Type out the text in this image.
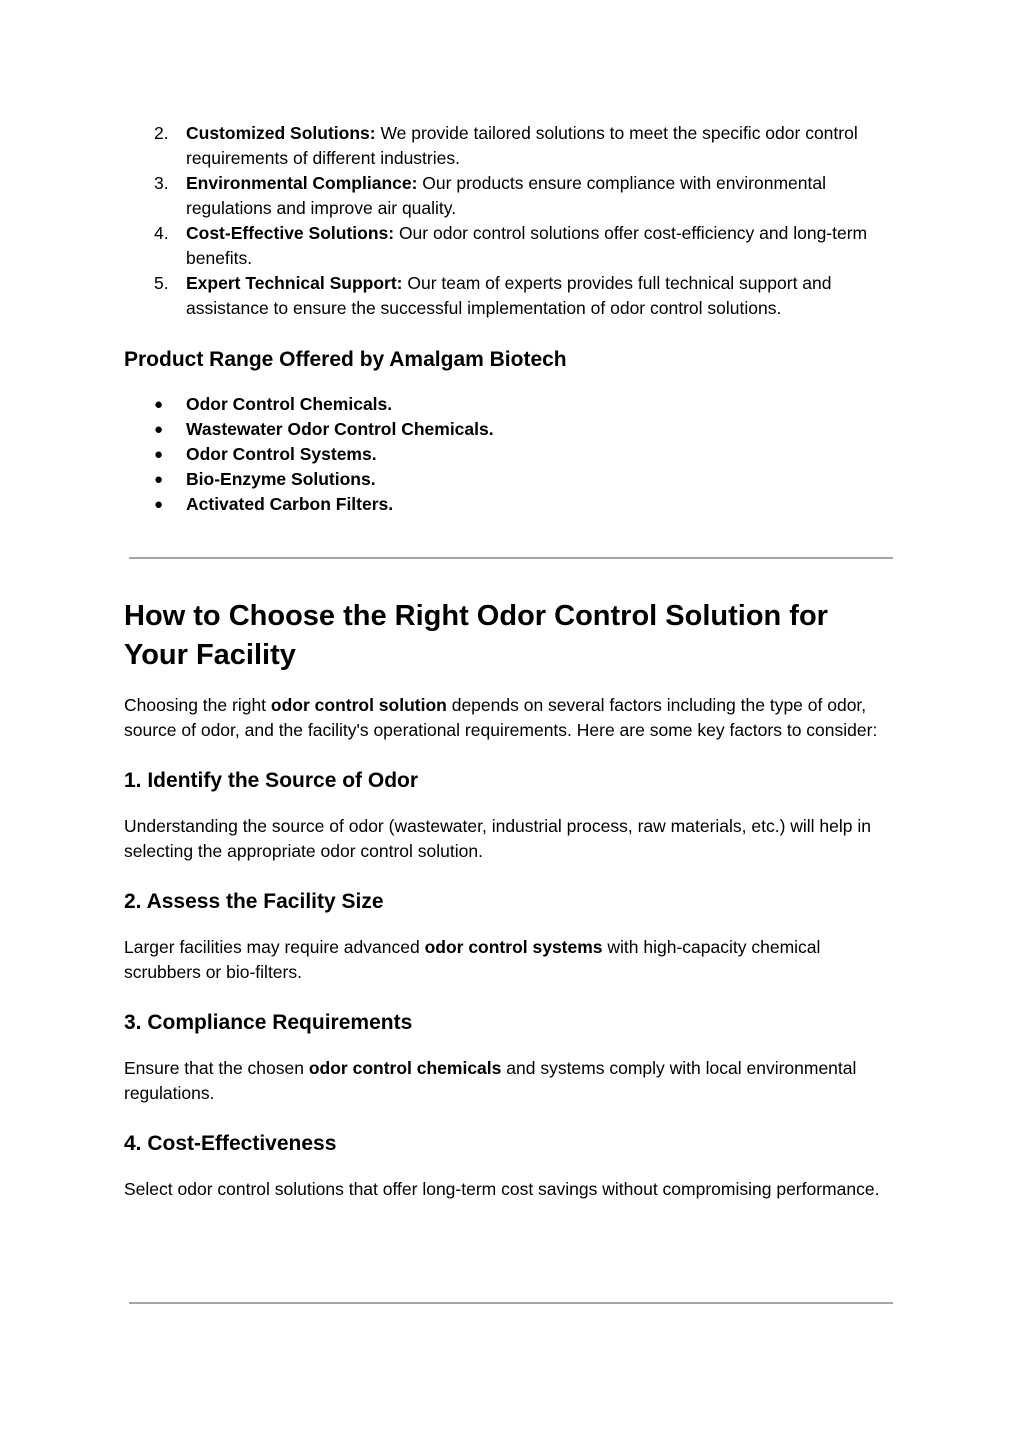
2. Customized Solutions: We provide tailored solutions to meet the specific odor control requirements of different industries.
3. Environmental Compliance: Our products ensure compliance with environmental regulations and improve air quality.
4. Cost-Effective Solutions: Our odor control solutions offer cost-efficiency and long-term benefits.
5. Expert Technical Support: Our team of experts provides full technical support and assistance to ensure the successful implementation of odor control solutions.
Product Range Offered by Amalgam Biotech
● Odor Control Chemicals.
● Wastewater Odor Control Chemicals.
● Odor Control Systems.
● Bio-Enzyme Solutions.
● Activated Carbon Filters.
How to Choose the Right Odor Control Solution for Your Facility

Choosing the right odor control solution depends on several factors including the type of odor, source of odor, and the facility's operational requirements. Here are some key factors to consider:

1. Identify the Source of Odor

Understanding the source of odor (wastewater, industrial process, raw materials, etc.) will help in selecting the appropriate odor control solution.

2. Assess the Facility Size

Larger facilities may require advanced odor control systems with high-capacity chemical scrubbers or bio-filters.

3. Compliance Requirements

Ensure that the chosen odor control chemicals and systems comply with local environmental regulations.

4. Cost-Effectiveness

Select odor control solutions that offer long-term cost savings without compromising performance.
